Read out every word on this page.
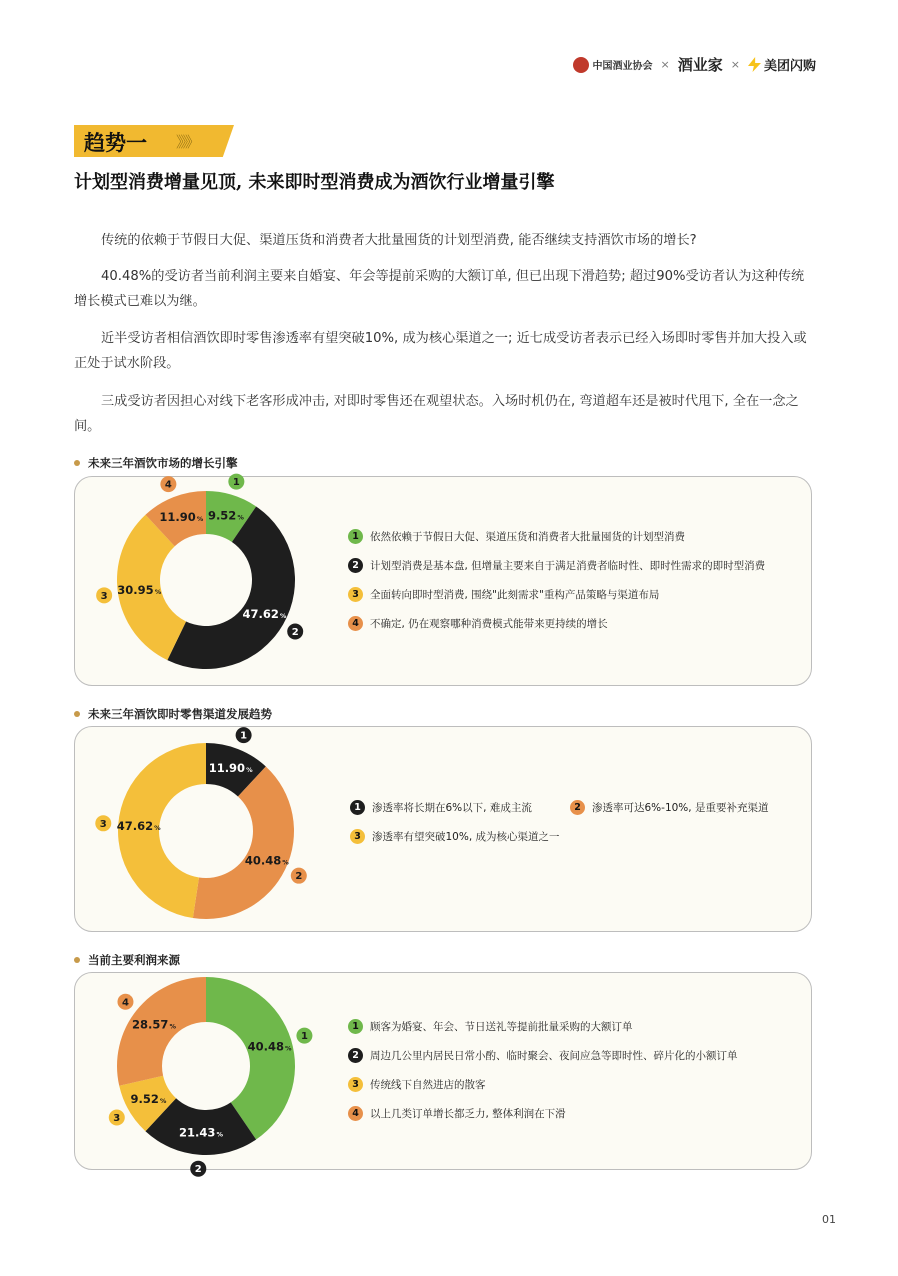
中国酒业协会 × 酒业家 × 美团闪购
趋势一 》》》
计划型消费增量见顶, 未来即时型消费成为酒饮行业增量引擎
传统的依赖于节假日大促、渠道压货和消费者大批量囤货的计划型消费, 能否继续支持酒饮市场的增长?
40.48%的受访者当前利润主要来自婚宴、年会等提前采购的大额订单, 但已出现下滑趋势; 超过90%受访者认为这种传统增长模式已难以为继。
近半受访者相信酒饮即时零售渗透率有望突破10%, 成为核心渠道之一; 近七成受访者表示已经入场即时零售并加大投入或正处于试水阶段。
三成受访者因担心对线下老客形成冲击, 对即时零售还在观望状态。入场时机仍在, 弯道超车还是被时代甩下, 全在一念之间。
未来三年酒饮市场的增长引擎
9.52%
1
47.62%
2
30.95%
3
11.90%
4
1	依然依赖于节假日大促、渠道压货和消费者大批量囤货的计划型消费
2	计划型消费是基本盘, 但增量主要来自于满足消费者临时性、即时性需求的即时型消费
3	全面转向即时型消费, 围绕"此刻需求"重构产品策略与渠道布局
4	不确定, 仍在观察哪种消费模式能带来更持续的增长
未来三年酒饮即时零售渠道发展趋势
11.90%
1
40.48%
2
47.62%
3
1	渗透率将长期在6%以下, 难成主流	2	渗透率可达6%-10%, 是重要补充渠道
3	渗透率有望突破10%, 成为核心渠道之一
当前主要利润来源
40.48%
1
21.43%
2
9.52%
3
28.57%
4
1	顾客为婚宴、年会、节日送礼等提前批量采购的大额订单
2	周边几公里内居民日常小酌、临时聚会、夜间应急等即时性、碎片化的小额订单
3	传统线下自然进店的散客
4	以上几类订单增长都乏力, 整体利润在下滑
01
